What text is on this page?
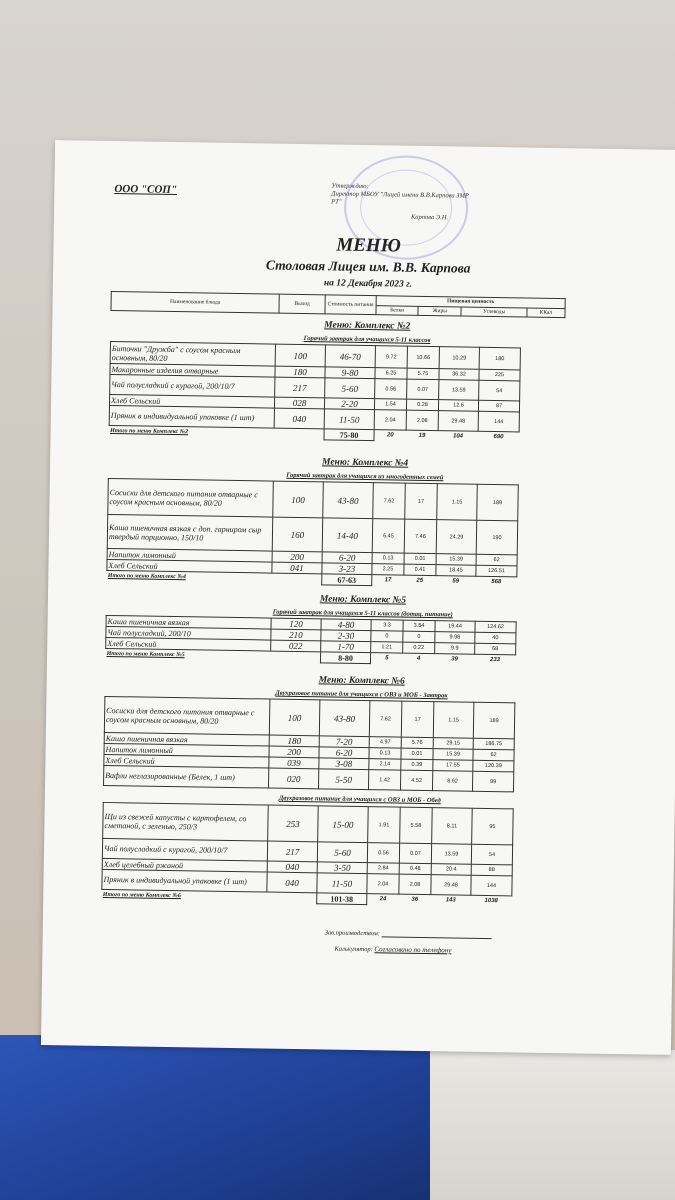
ООО "СОП"	Утверждаю:
Директор МБОУ "Лицей имени В.В.Карпова ЗМР
РТ"
Карпова Э.Н.
МЕНЮ
Столовая Лицея им. В.В. Карпова
на 12 Декабря 2023 г.
Наименование блюда	Выход	Стоимость питания	Пищевая ценность			
			Белки	Жиры	Углеводы	ККал
Меню: Комплекс №2
Горячий завтрак для учащихся 5-11 классов
Биточки "Дружба" с соусом красным основным, 80/20	100	46-70	9.72	10.66	10.29	180
Макаронные изделия отварные	180	9-80	6.25	5.75	36.32	225
Чай полусладкий с курагой, 200/10/7	217	5-60	0.56	0.07	13.59	54
Хлеб Сельский	028	2-20	1.54	0.28	12.6	87
Пряник в индивидуальной упаковке (1 шт)	040	11-50	2.04	2.08	29.48	144
Итого по меню Комплекс №2		75-80	20	19	104	690
Меню: Комплекс №4
Горячий завтрак для учащихся из многодетных семей
Сосиски для детского питания отварные с соусом красным основным, 80/20	100	43-80	7.62	17	1.15	189
Каша пшеничная вязкая с доп. гарниром сыр твердый порционно, 150/10	160	14-40	6.45	7.46	24.29	190
Напиток лимонный	200	6-20	0.13	0.01	15.39	62
Хлеб Сельский	041	3-23	2.25	0.41	18.45	126.51
Итого по меню Комплекс №4		67-63	17	25	59	568
Меню: Комплекс №5
Горячий завтрак для учащихся 5-11 классов (дотац. питание)
Каша пшеничная вязкая	120	4-80	3.3	3.84	19.44	124.62
Чай полусладкий, 200/10	210	2-30	0	0	9.98	40
Хлеб Сельский	022	1-70	1.21	0.22	9.9	68
Итого по меню Комплекс №5		8-80	5	4	39	233
Меню: Комплекс №6
Двухразовое питание для учащихся с ОВЗ и МОБ - Завтрак
Сосиски для детского питания отварные с соусом красным основным, 80/20	100	43-80	7.62	17	1.15	189
Каша пшеничная вязкая	180	7-20	4.97	5.76	29.15	186.75
Напиток лимонный	200	6-20	0.13	0.01	15.39	62
Хлеб Сельский	039	3-08	2.14	0.39	17.55	120.39
Вафли неглазированные (Белек, 1 шт)	020	5-50	1.42	4.52	8.62	99
Двухразовое питание для учащихся с ОВЗ и МОБ - Обед
Щи из свежей капусты с картофелем, со сметаной, с зеленью, 250/3	253	15-00	1.91	5.58	8.11	95
Чай полусладкий с курагой, 200/10/7	217	5-60	0.56	0.07	13.59	54
Хлеб целебный ржаной	040	3-50	2.84	0.48	20.4	88
Пряник в индивидуальной упаковке (1 шт)	040	11-50	2.04	2.08	29.48	144
Итого по меню Комплекс №6		101-38	24	36	143	1038
Зав.производством:
Калькулятор: Согласовано по телефону
